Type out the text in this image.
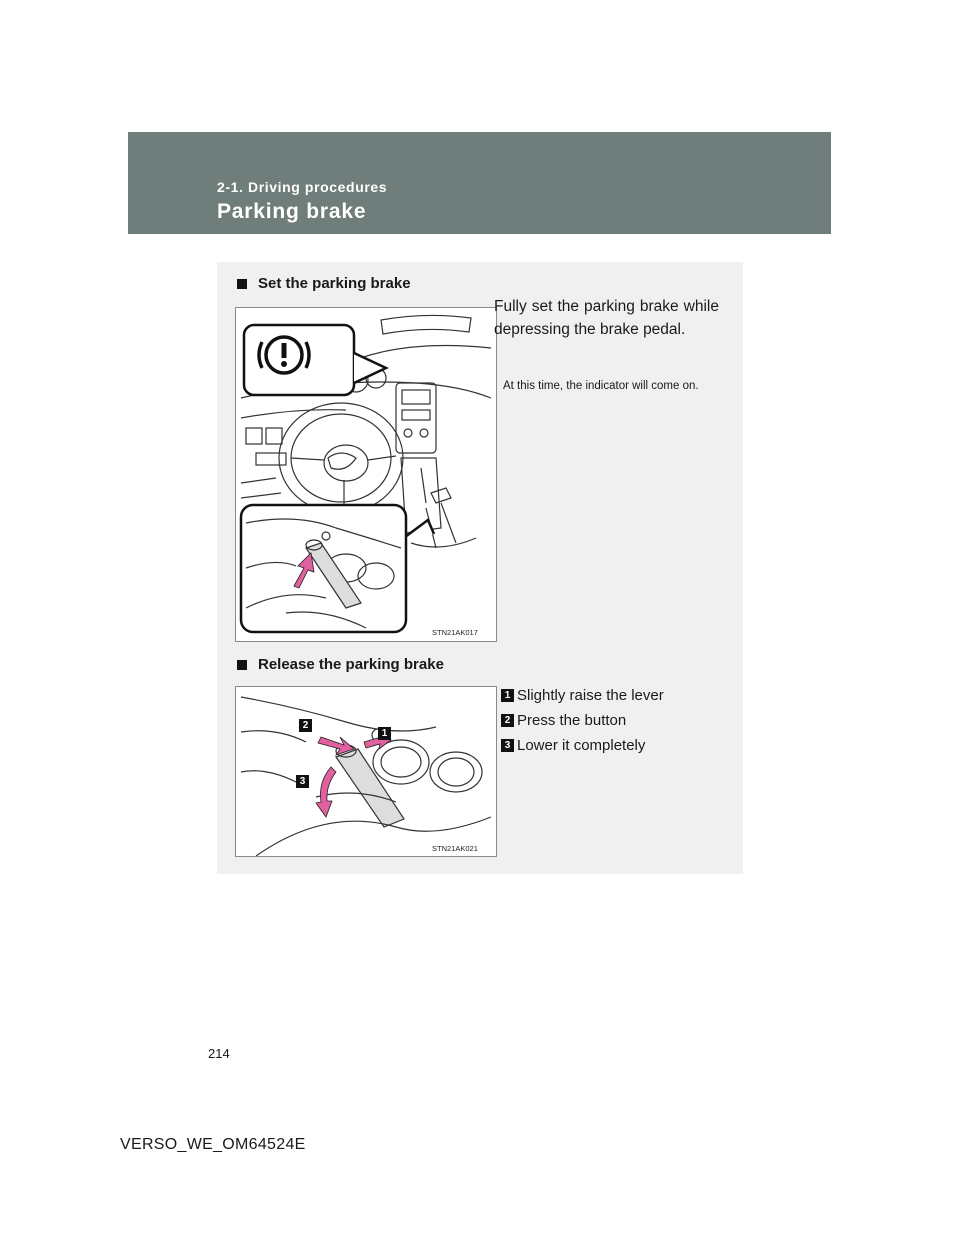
2-1. Driving procedures
Parking brake
Set the parking brake
STN21AK017
Fully set the parking brake while depressing the brake pedal.
At this time, the indicator will come on.
Release the parking brake
2
1
3
STN21AK021
1 Slightly raise the lever
2 Press the button
3 Lower it completely
214
VERSO_WE_OM64524E
